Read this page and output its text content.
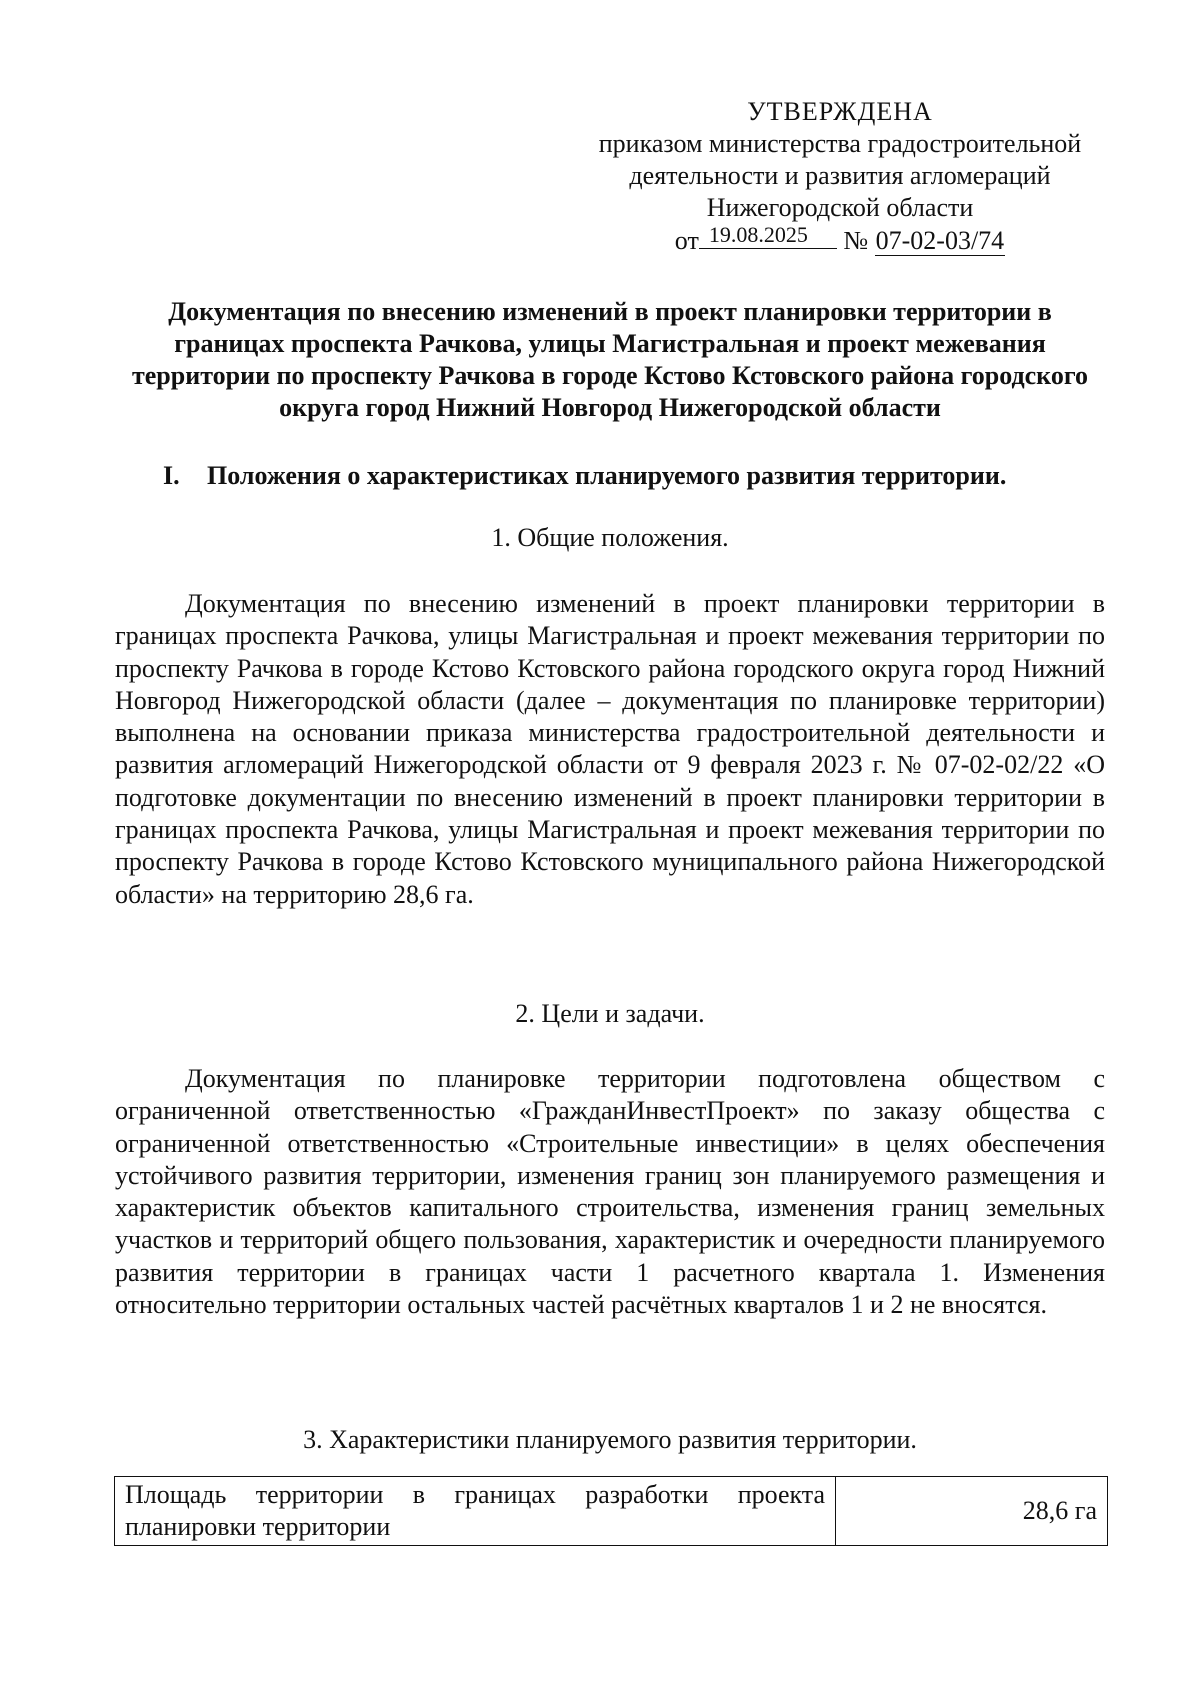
УТВЕРЖДЕНА
приказом министерства градостроительной
деятельности и развития агломераций
Нижегородской области
от 19.08.2025 № 07-02-03/74
Документация по внесению изменений в проект планировки территории в границах проспекта Рачкова, улицы Магистральная и проект межевания территории по проспекту Рачкова в городе Кстово Кстовского района городского округа город Нижний Новгород Нижегородской области
I. Положения о характеристиках планируемого развития территории.
1. Общие положения.
Документация по внесению изменений в проект планировки территории в границах проспекта Рачкова, улицы Магистральная и проект межевания территории по проспекту Рачкова в городе Кстово Кстовского района городского округа город Нижний Новгород Нижегородской области (далее – документация по планировке территории) выполнена на основании приказа министерства градостроительной деятельности и развития агломераций Нижегородской области от 9 февраля 2023 г. № 07-02-02/22 «О подготовке документации по внесению изменений в проект планировки территории в границах проспекта Рачкова, улицы Магистральная и проект межевания территории по проспекту Рачкова в городе Кстово Кстовского муниципального района Нижегородской области» на территорию 28,6 га.
2. Цели и задачи.
Документация по планировке территории подготовлена обществом с ограниченной ответственностью «ГражданИнвестПроект» по заказу общества с ограниченной ответственностью «Строительные инвестиции» в целях обеспечения устойчивого развития территории, изменения границ зон планируемого размещения и характеристик объектов капитального строительства, изменения границ земельных участков и территорий общего пользования, характеристик и очередности планируемого развития территории в границах части 1 расчетного квартала 1. Изменения относительно территории остальных частей расчётных кварталов 1 и 2 не вносятся.
3. Характеристики планируемого развития территории.
Площадь территории в границах разработки проекта планировки территории	28,6 га
